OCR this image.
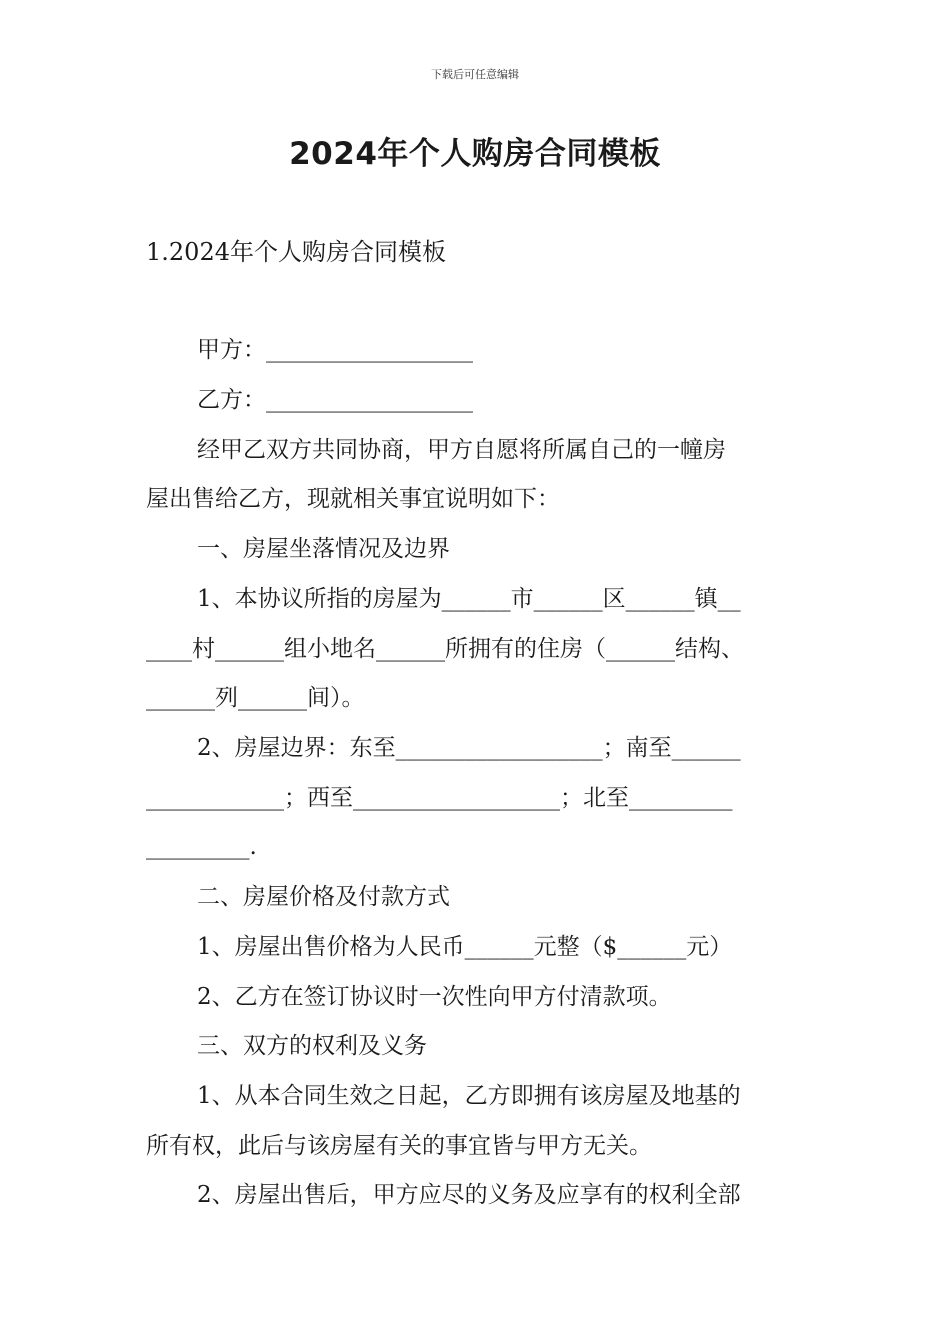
下载后可任意编辑
2024年个人购房合同模板
1.2024年个人购房合同模板
甲方：__________________
乙方：__________________
经甲乙双方共同协商，甲方自愿将所属自己的一幢房
屋出售给乙方，现就相关事宜说明如下：
一、房屋坐落情况及边界
1、本协议所指的房屋为______市______区______镇__
____村______组小地名______所拥有的住房（______结构、
______列______间）。
2、房屋边界：东至__________________；南至______
____________；西至__________________；北至_________
_________.
二、房屋价格及付款方式
1、房屋出售价格为人民币______元整（$______元）
2、乙方在签订协议时一次性向甲方付清款项。
三、双方的权利及义务
1、从本合同生效之日起，乙方即拥有该房屋及地基的
所有权，此后与该房屋有关的事宜皆与甲方无关。
2、房屋出售后，甲方应尽的义务及应享有的权利全部
